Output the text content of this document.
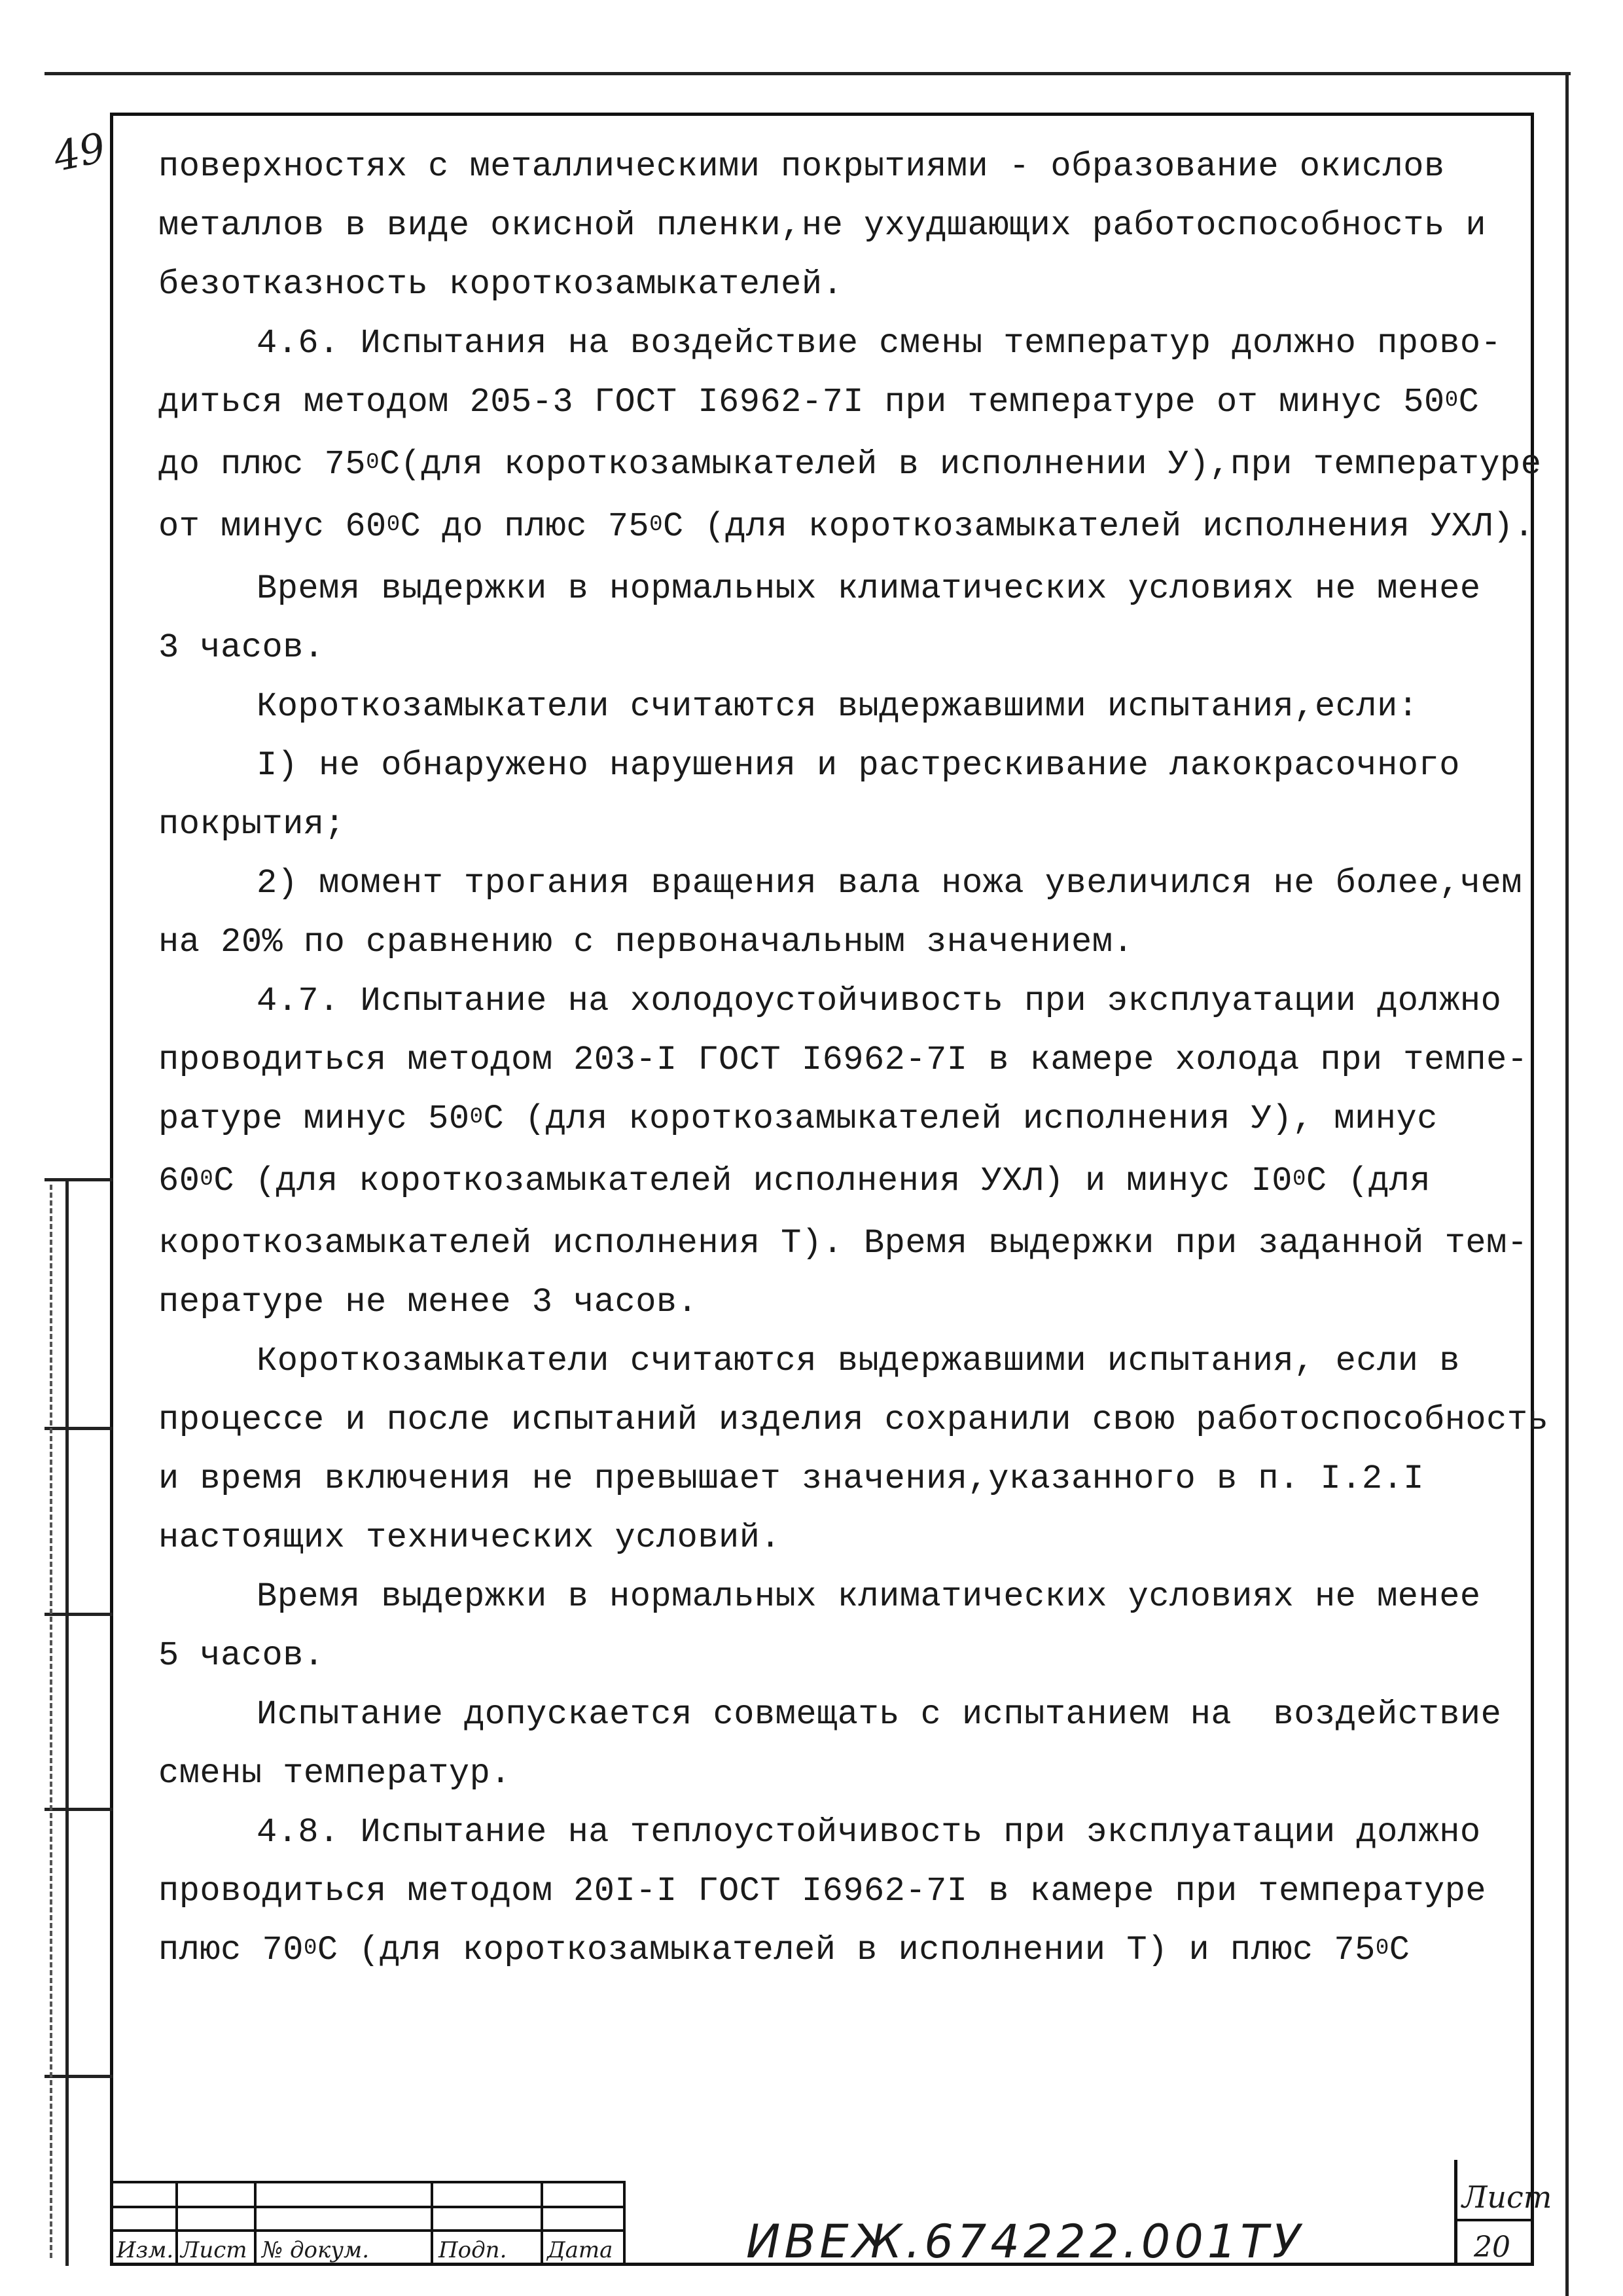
49 поверхностях с металлическими покрытиями - образование окислов

металлов в виде окисной пленки,не ухудшающих работоспособность и

безотказность короткозамыкателей.

4.6. Испытания на воздействие смены температур должно прово-

диться методом 205-3 ГОСТ I6962-7I при температуре от минус $50^0С$

до плюс $75^0С(для$ короткозамыкателей в исполнении У),при температуре

от минус $60^0С$ до плюс $75^0С$ (для короткозамыкателей исполнения УХЛ).

Время выдержки в нормальных климатических условиях не менее

3 часов.

Короткозамыкатели считаются выдержавшими испытания,если:

I) не обнаружено нарушения и растрескивание лакокрасочного

покрытия;

2) момент трогания вращения вала ножа увеличился не более,чем

на 20% по сравнению с первоначальным значением.

4.7. Испытание на холодоустойчивость при эксплуатации должно

проводиться методом 203-I ГОСТ I6962-7I в камере холода при темпе-

ратуре минус $50^0С$ (для короткозамыкателей исполнения У), минус

$60^0С$ (для короткозамыкателей исполнения УХЛ) и минус $I0^0С$ (для

короткозамыкателей исполнения Т). Время выдержки при заданной тем-

пературе не менее 3 часов.

Короткозамыкатели считаются выдержавшими испытания, если в

процессе и после испытаний изделия сохранили свою работоспособность

и время включения не превышает значения,указанного в п. I.2.I

настоящих технических условий.

Время выдержки в нормальных климатических условиях не менее

5 часов.

Испытание допускается совмещать с испытанием на  воздействие

смены температур.

4.8. Испытание на теплоустойчивость при эксплуатации должно

проводиться методом 20I-I ГОСТ I6962-7I в камере при температуре

плюс $70^0С$ (для короткозамыкателей в исполнении Т) и плюс $75^0С$

Изм. Лист № докум.	Подп. Дата	ИВЕЖ.674222.001ТУ
Лист
20
